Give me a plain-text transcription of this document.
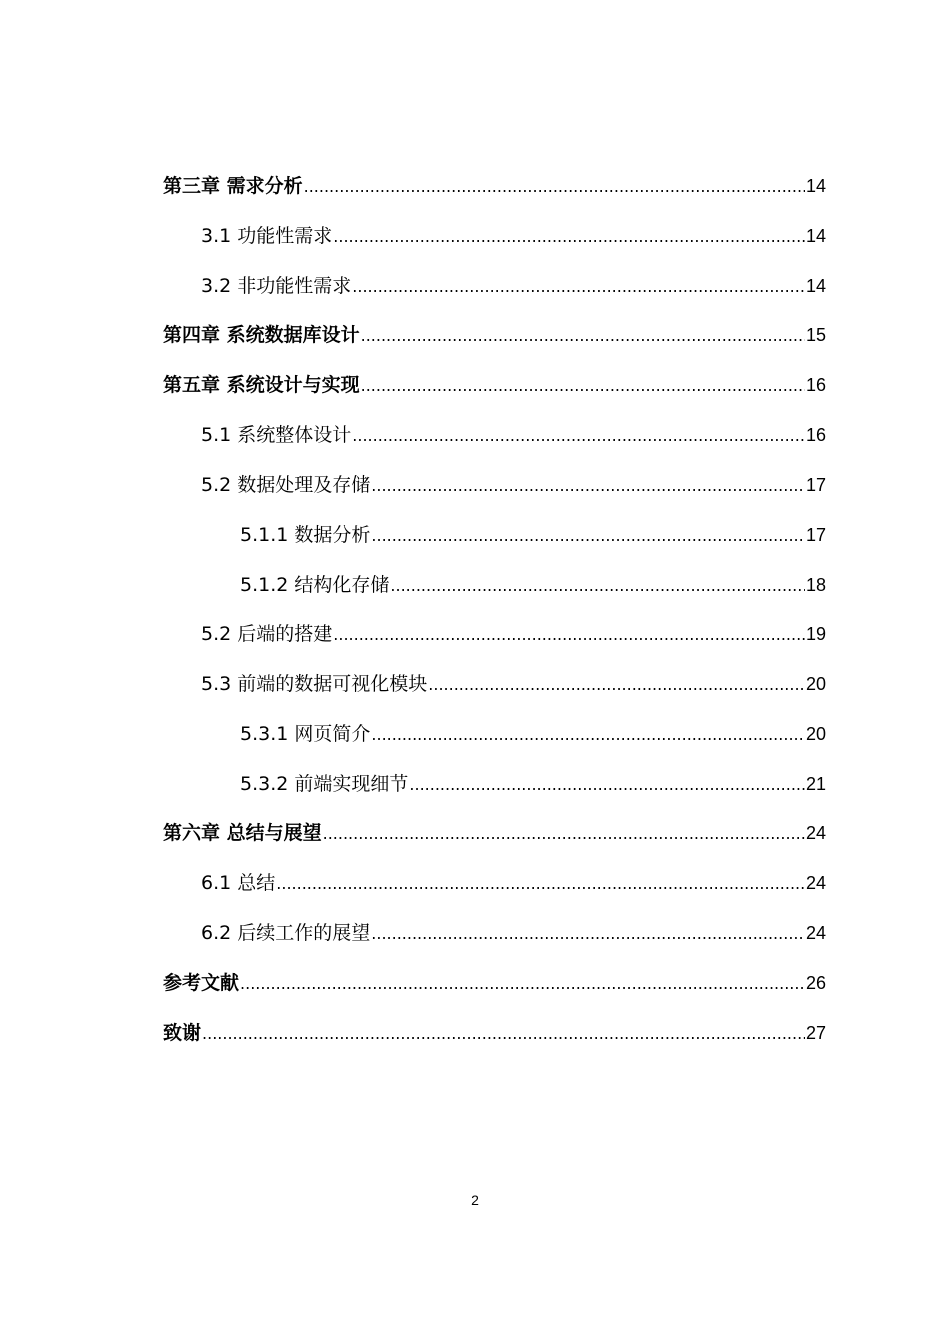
第三章 需求分析 .....	14
3.1 功能性需求 .....	14
3.2 非功能性需求 .....	14
第四章 系统数据库设计 .....	15
第五章 系统设计与实现 .....	16
5.1 系统整体设计 .....	16
5.2 数据处理及存储 .....	17
5.1.1 数据分析 .....	17
5.1.2 结构化存储 .....	18
5.2 后端的搭建 .....	19
5.3 前端的数据可视化模块 .....	20
5.3.1 网页简介 .....	20
5.3.2 前端实现细节 .....	21
第六章 总结与展望 .....	24
6.1 总结 .....	24
6.2 后续工作的展望 .....	24
参考文献 .....	26
致谢 .....	27
2
